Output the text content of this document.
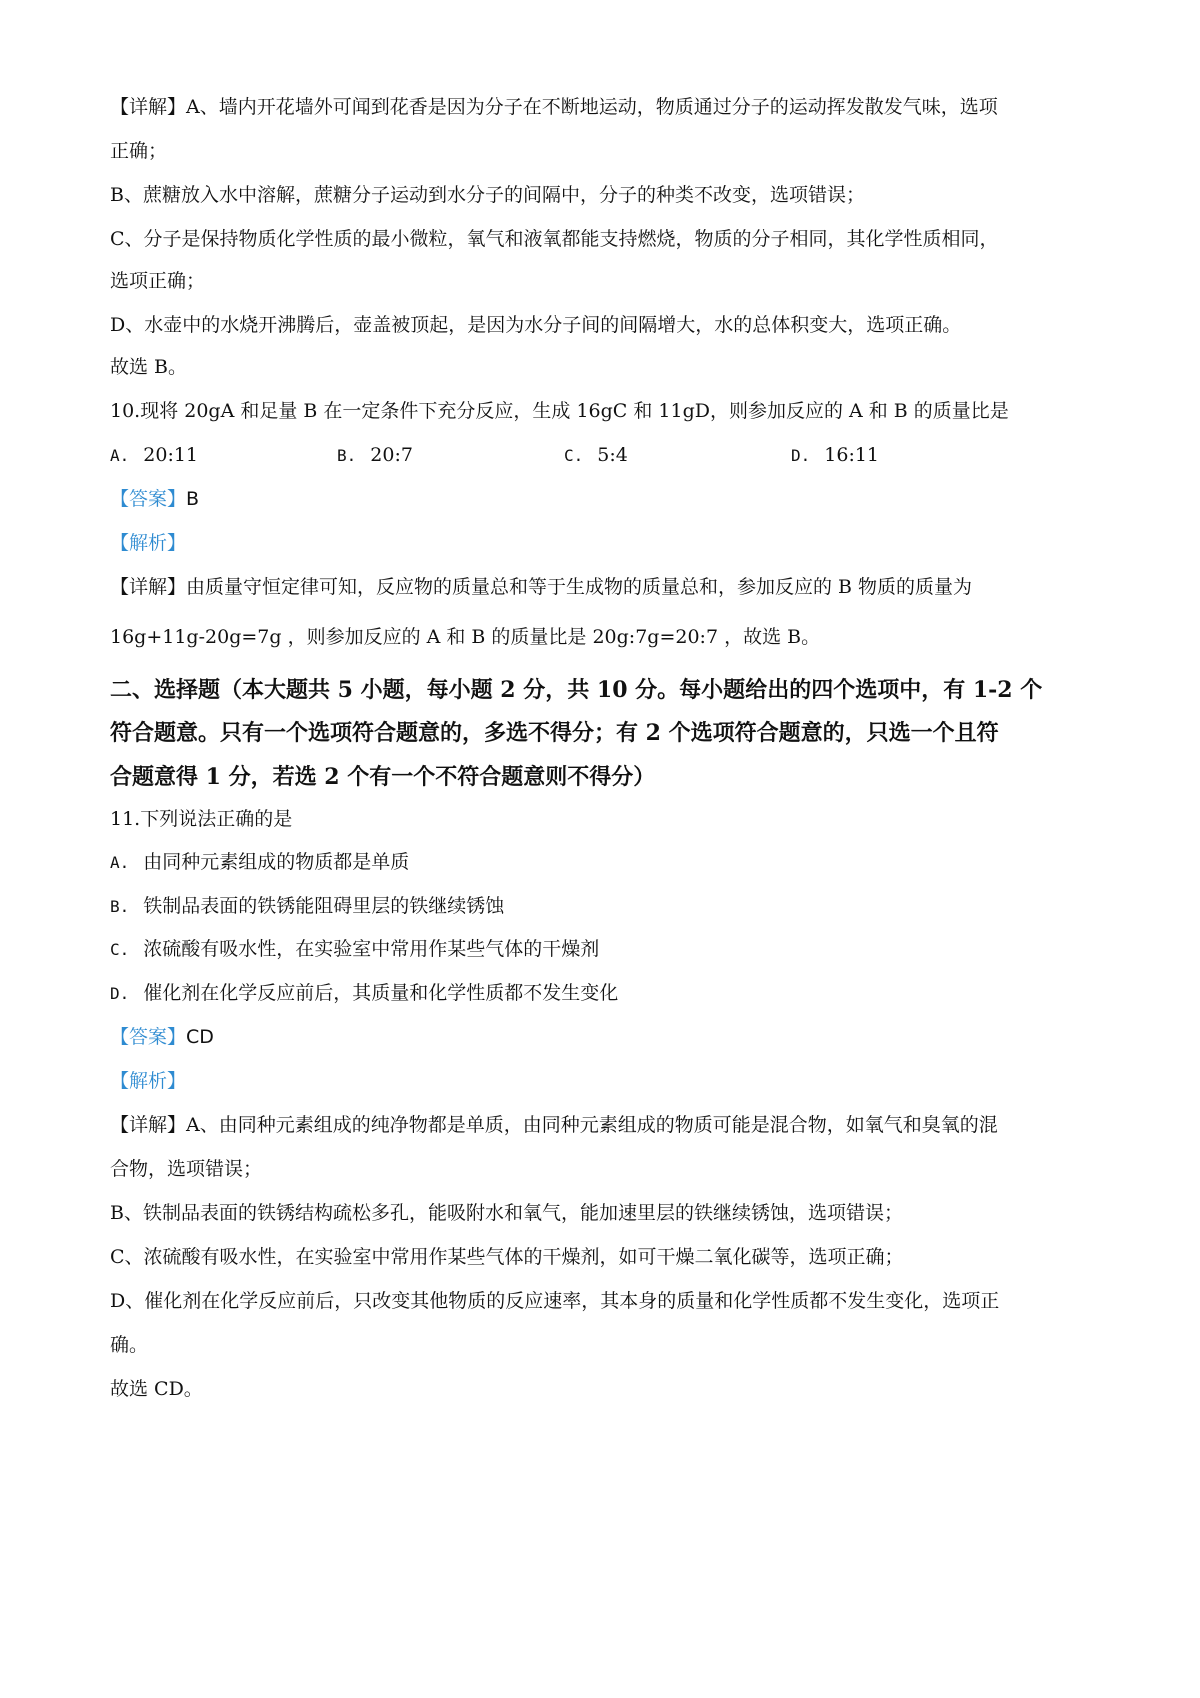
【详解】A、墙内开花墙外可闻到花香是因为分子在不断地运动，物质通过分子的运动挥发散发气味，选项
正确；
B、蔗糖放入水中溶解，蔗糖分子运动到水分子的间隔中，分子的种类不改变，选项错误；
C、分子是保持物质化学性质的最小微粒，氧气和液氧都能支持燃烧，物质的分子相同，其化学性质相同，
选项正确；
D、水壶中的水烧开沸腾后，壶盖被顶起，是因为水分子间的间隔增大，水的总体积变大，选项正确。
故选 B。
10.现将 20gA 和足量 B 在一定条件下充分反应，生成 16gC 和 11gD，则参加反应的 A 和 B 的质量比是
A. 20:11	B. 20:7	C. 5:4	D. 16:11
【答案】B
【解析】
【详解】由质量守恒定律可知，反应物的质量总和等于生成物的质量总和，参加反应的 B 物质的质量为
16g+11g-20g=7g ，则参加反应的 A 和 B 的质量比是 20g:7g=20:7 ，故选 B。
二、选择题（本大题共 5 小题，每小题 2 分，共 10 分。每小题给出的四个选项中，有 1-2 个
符合题意。只有一个选项符合题意的，多选不得分；有 2 个选项符合题意的，只选一个且符
合题意得 1 分，若选 2 个有一个不符合题意则不得分）
11.下列说法正确的是
A. 由同种元素组成的物质都是单质
B. 铁制品表面的铁锈能阻碍里层的铁继续锈蚀
C. 浓硫酸有吸水性，在实验室中常用作某些气体的干燥剂
D. 催化剂在化学反应前后，其质量和化学性质都不发生变化
【答案】CD
【解析】
【详解】A、由同种元素组成的纯净物都是单质，由同种元素组成的物质可能是混合物，如氧气和臭氧的混
合物，选项错误；
B、铁制品表面的铁锈结构疏松多孔，能吸附水和氧气，能加速里层的铁继续锈蚀，选项错误；
C、浓硫酸有吸水性，在实验室中常用作某些气体的干燥剂，如可干燥二氧化碳等，选项正确；
D、催化剂在化学反应前后，只改变其他物质的反应速率，其本身的质量和化学性质都不发生变化，选项正
确。
故选 CD。
